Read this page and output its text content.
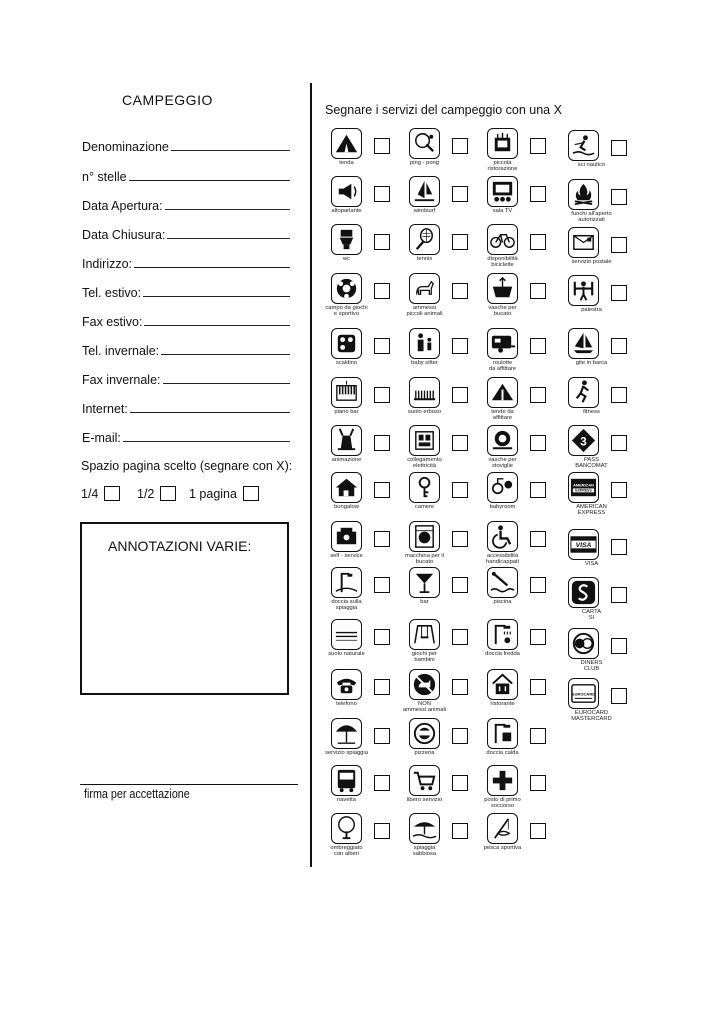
CAMPEGGIO
Denominazione
n° stelle
Data Apertura:
Data Chiusura:
Indirizzo:
Tel. estivo:
Fax estivo:
Tel. invernale:
Fax invernale:
Internet:
E-mail:
Spazio pagina scelto (segnare con X):
1/4	1/2	1 pagina
ANNOTAZIONI VARIE:
firma per accettazione
Segnare i servizi del campeggio con una X
tenda
altoparlante
wc
campo da giochi
e sportivo
scaldino
piano bar
animazione
bungalow
self - service
doccia sulla
spiaggia
suolo naturale
telefono
servizio spiaggia
navetta
ombreggiato
con alberi
ping - pong
windsurf
tennis
ammessi
piccoli animali
baby sitter
suolo erboso
collegamento
elettricità
camere
macchina per il
bucato
bar
giochi per
bambini
NON
ammessi animali
pizzeria
libero servizio
spiaggia
sabbiosa
piccola
ristorazione
sala TV
disponibilità
biciclette
vasche per
bucato
roulotte
da affittare
tende da
affittare
vasche per
stoviglie
babyroom
accessibilità
handicappati
piscina
doccia fredda
ristorante
doccia calda
posto di primo
soccorso
pesca sportiva
sci nautico
fuochi all'aperto
autorizzati
servizio postale
palestra
gite in barca
fitness
3
PASS
BANCOMAT
AMERICAN
EXPRESS
AMERICAN
EXPRESS
VISA
VISA
CARTA
SI
DINERS
CLUB
EUROCARD
EUROCARD
MASTERCARD
